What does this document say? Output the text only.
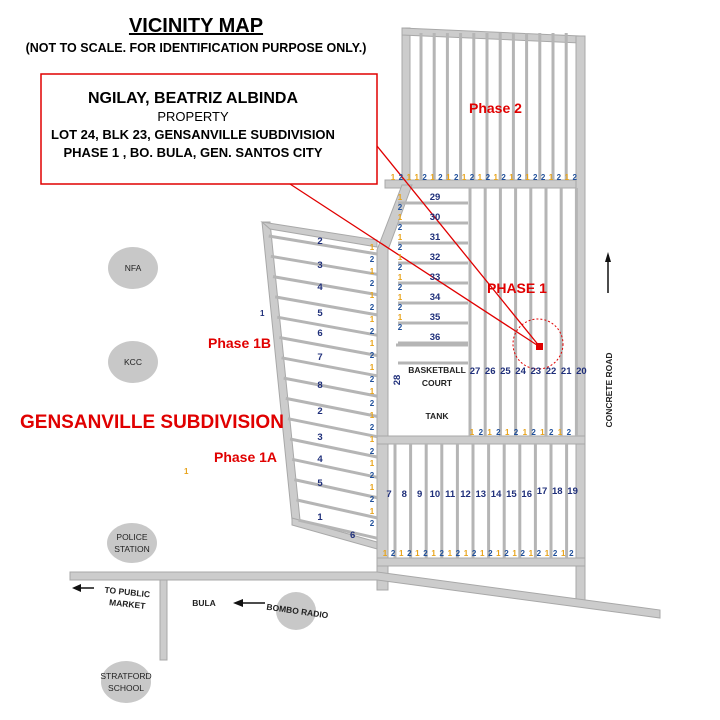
VICINITY MAP
(NOT TO SCALE. FOR IDENTIFICATION PURPOSE ONLY.)
NGILAY, BEATRIZ ALBINDA
PROPERTY
LOT 24, BLK 23, GENSANVILLE SUBDIVISION
PHASE 1 , BO. BULA, GEN. SANTOS CITY
Phase 2
PHASE 1
Phase 1B
Phase 1A
GENSANVILLE SUBDIVISION
BASKETBALL
COURT
TANK
28	CONCRETE ROAD
NFA
KCC
POLICE
STATION
STRATFORD
SCHOOL
BOMBO RADIO
BULA
TO PUBLIC
MARKET
1
1
29
30
31
32
33
34
35
36
27 26 25 24 23 22 21 20
7 8 9 10 11 12 13 14 15 16 17 18 19
2
3
4
5
6
7
8
2
3
4
5
1
6
1 2 1 1 2 1 2 1 2 1 2 1 2 1 2 1 2 1 2 2 1 2 1 2
1 2 1 2 1 2 1 2 1 2 1 2
1 2 1 2 1 2 1 2 1 2 1 2 1 2 1 2 1 2 1 2 1 2 1 2
1
2
1
2
1
2
1
2
1
2
1
2
1
2
1
2
1
2
1
2
1
2
1
2
1
2
1
2
1
2
1
2
1
2
1
2
1
2
